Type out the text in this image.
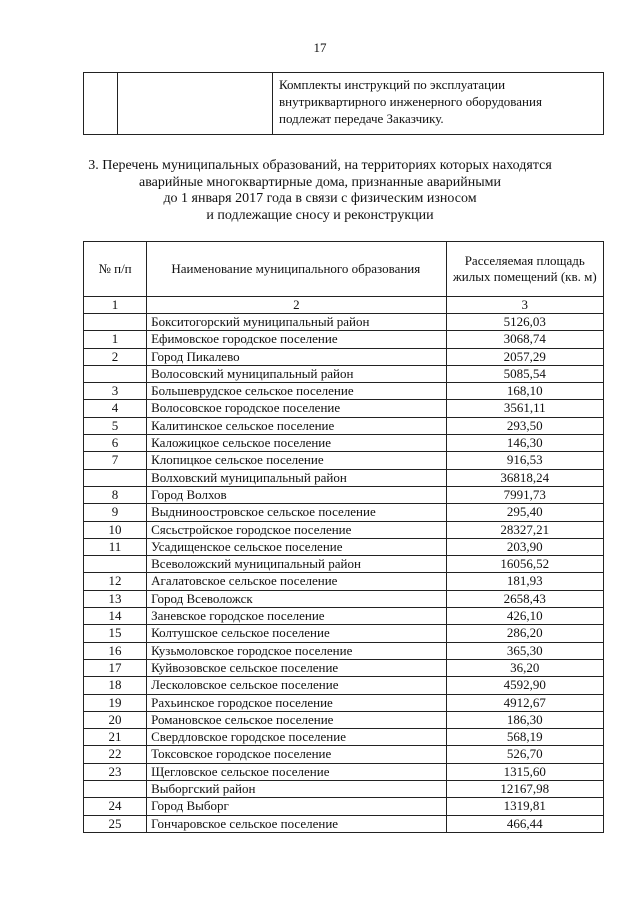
17

Комплекты инструкций по эксплуатации
внутриквартирного инженерного оборудования
подлежат передаче Заказчику.
3. Перечень муниципальных образований, на территориях которых находятся
аварийные многоквартирные дома, признанные аварийными
до 1 января 2017 года в связи с физическим износом
и подлежащие сносу и реконструкции
№ п/п	Наименование муниципального образования	Расселяемая площадь жилых помещений (кв. м)
1	2	3
	Бокситогорский муниципальный район	5126,03
1	Ефимовское городское поселение	3068,74
2	Город Пикалево	2057,29
	Волосовский муниципальный район	5085,54
3	Большеврудское сельское поселение	168,10
4	Волосовское городское поселение	3561,11
5	Калитинское сельское поселение	293,50
6	Каложицкое сельское поселение	146,30
7	Клопицкое сельское поселение	916,53
	Волховский муниципальный район	36818,24
8	Город Волхов	7991,73
9	Выдниноостровское сельское поселение	295,40
10	Сясьстройское городское поселение	28327,21
11	Усадищенское сельское поселение	203,90
	Всеволожский муниципальный район	16056,52
12	Агалатовское сельское поселение	181,93
13	Город Всеволожск	2658,43
14	Заневское городское поселение	426,10
15	Колтушское сельское поселение	286,20
16	Кузьмоловское городское поселение	365,30
17	Куйвозовское сельское поселение	36,20
18	Лесколовское сельское поселение	4592,90
19	Рахьинское городское поселение	4912,67
20	Романовское сельское поселение	186,30
21	Свердловское городское поселение	568,19
22	Токсовское городское поселение	526,70
23	Щегловское сельское поселение	1315,60
	Выборгский район	12167,98
24	Город Выборг	1319,81
25	Гончаровское сельское поселение	466,44
